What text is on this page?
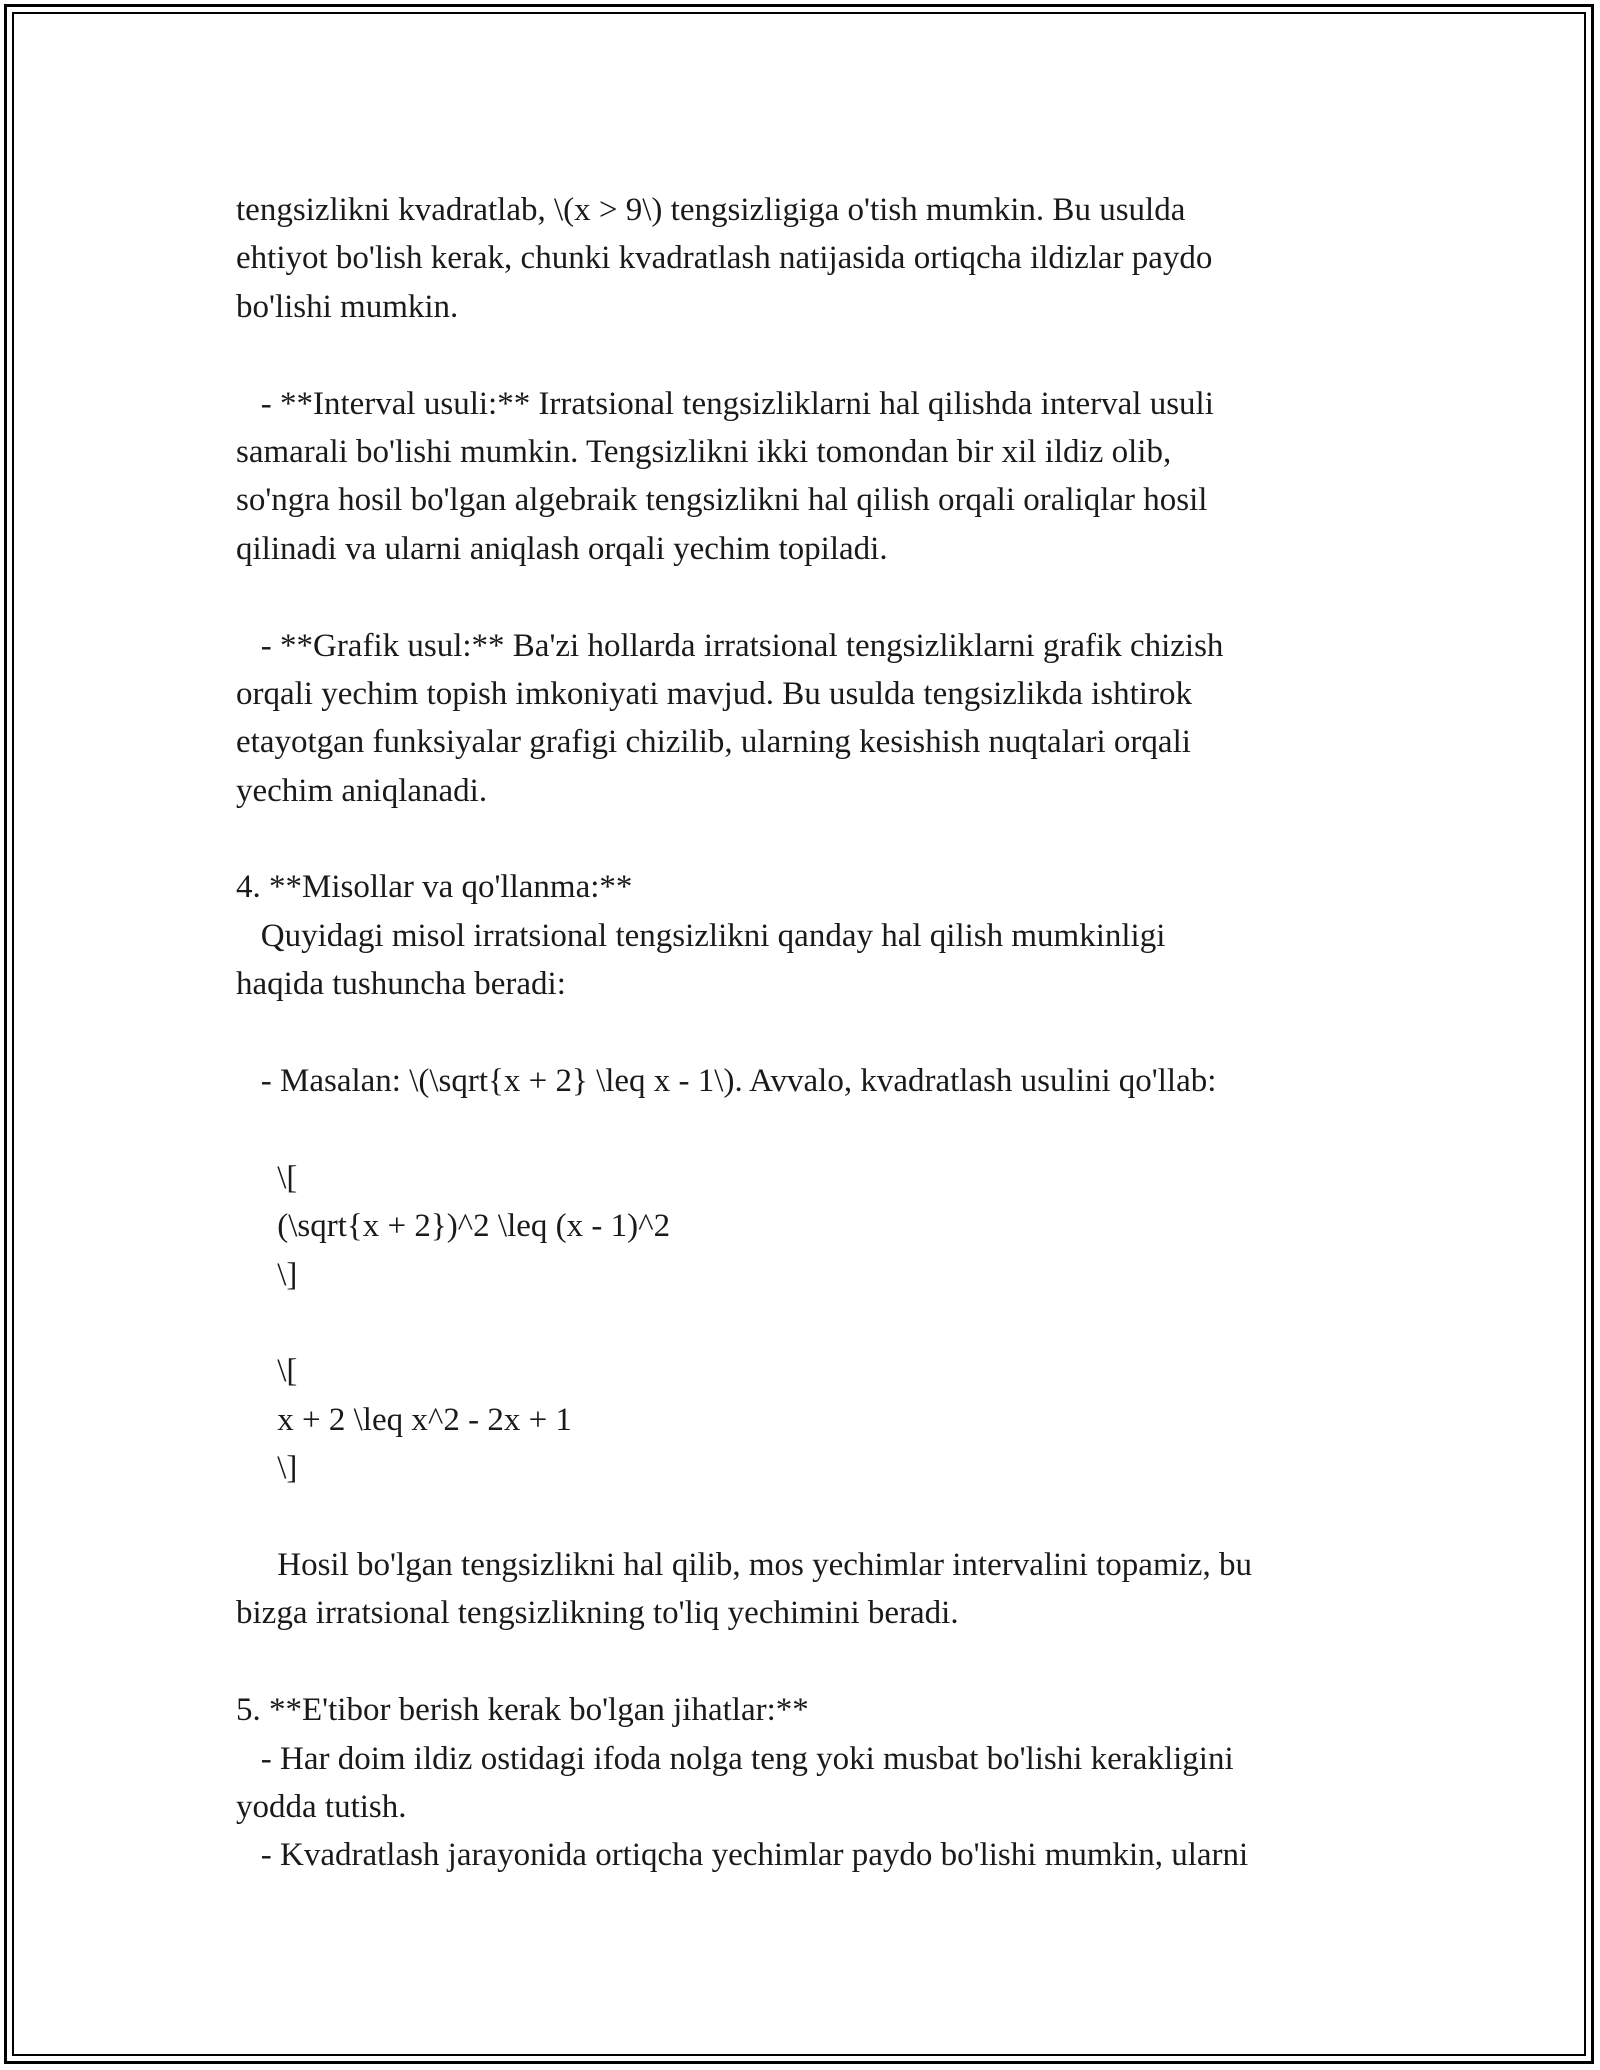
tengsizlikni kvadratlab, \(x > 9\) tengsizligiga o'tish mumkin. Bu usulda
ehtiyot bo'lish kerak, chunki kvadratlash natijasida ortiqcha ildizlar paydo
bo'lishi mumkin.
- **Interval usuli:** Irratsional tengsizliklarni hal qilishda interval usuli
samarali bo'lishi mumkin. Tengsizlikni ikki tomondan bir xil ildiz olib,
so'ngra hosil bo'lgan algebraik tengsizlikni hal qilish orqali oraliqlar hosil
qilinadi va ularni aniqlash orqali yechim topiladi.
- **Grafik usul:** Ba'zi hollarda irratsional tengsizliklarni grafik chizish
orqali yechim topish imkoniyati mavjud. Bu usulda tengsizlikda ishtirok
etayotgan funksiyalar grafigi chizilib, ularning kesishish nuqtalari orqali
yechim aniqlanadi.
4. **Misollar va qo'llanma:**
Quyidagi misol irratsional tengsizlikni qanday hal qilish mumkinligi
haqida tushuncha beradi:
- Masalan: \(\sqrt{x + 2} \leq x - 1\). Avvalo, kvadratlash usulini qo'llab:
\[
(\sqrt{x + 2})^2 \leq (x - 1)^2
\]
\[
x + 2 \leq x^2 - 2x + 1
\]
Hosil bo'lgan tengsizlikni hal qilib, mos yechimlar intervalini topamiz, bu
bizga irratsional tengsizlikning to'liq yechimini beradi.
5. **E'tibor berish kerak bo'lgan jihatlar:**
- Har doim ildiz ostidagi ifoda nolga teng yoki musbat bo'lishi kerakligini
yodda tutish.
- Kvadratlash jarayonida ortiqcha yechimlar paydo bo'lishi mumkin, ularni
